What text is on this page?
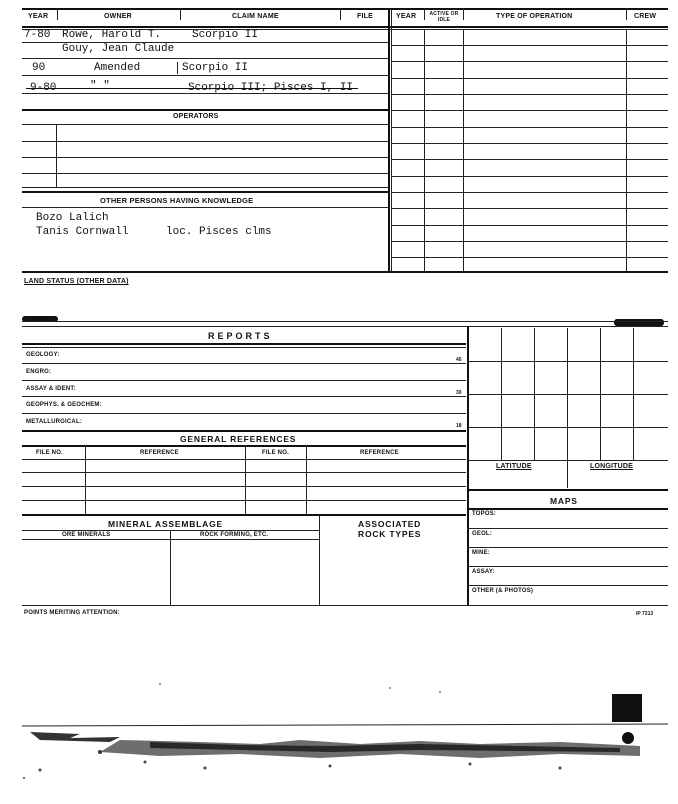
YEAR	OWNER	CLAIM NAME	FILE	YEAR	ACTIVE OR IDLE	TYPE OF OPERATION	CREW
7-80 Rowe, Harold T.	Scorpio II
Gouy, Jean Claude
90	Amended	Scorpio II
9-80	" "	Scorpio III; Pisces I, II
OPERATORS
OTHER PERSONS HAVING KNOWLEDGE
Bozo Lalich
Tanis Cornwall	loc. Pisces clms
LAND STATUS (OTHER DATA)
REPORTS
GEOLOGY:
40
ENGRG:
ASSAY & IDENT:
30
GEOPHYS. & GEOCHEM:
METALLURGICAL:
18
GENERAL REFERENCES
FILE NO.	REFERENCE	FILE NO.	REFERENCE
MINERAL ASSEMBLAGE	ASSOCIATED
ROCK TYPES
ORE MINERALS	ROCK FORMING, ETC.
LATITUDE	LONGITUDE
MAPS
TOPOS:
GEOL:
MINE:
ASSAY:
OTHER (& PHOTOS)
POINTS MERITING ATTENTION:	IP 7313
